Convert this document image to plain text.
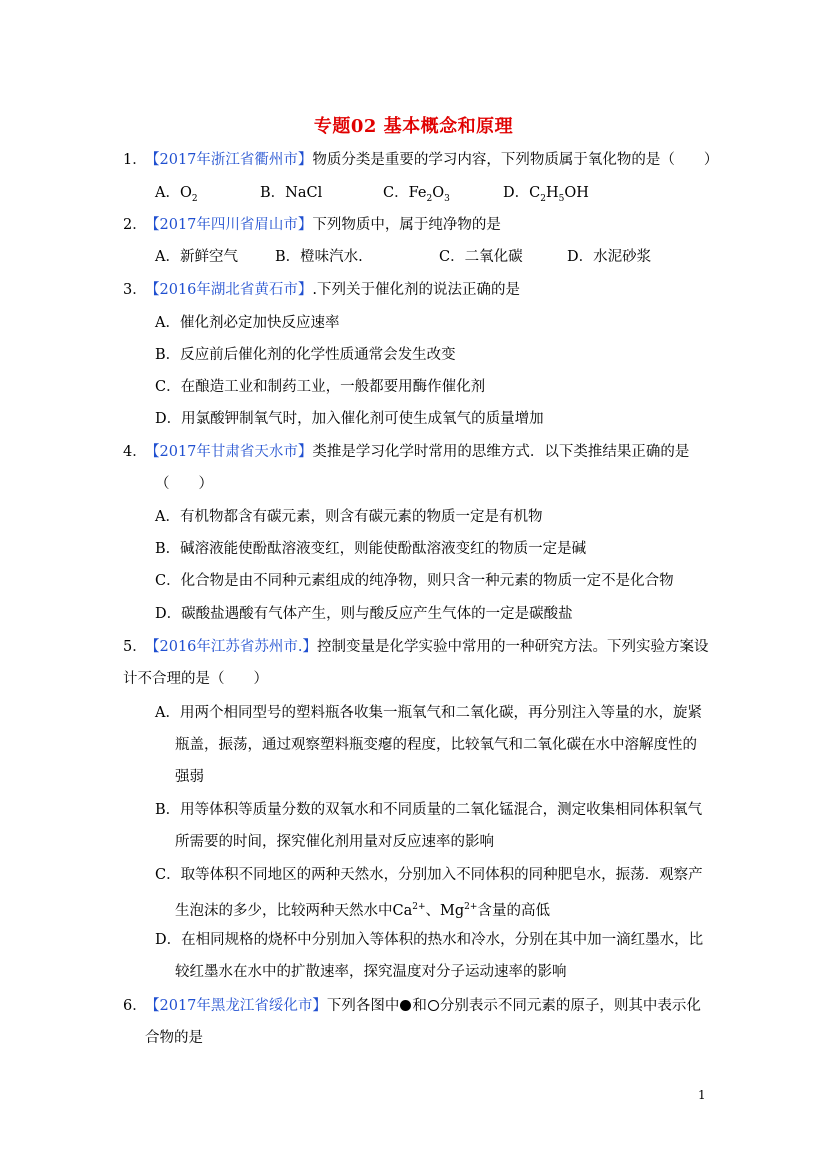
专题02 基本概念和原理
1．【2017年浙江省衢州市】物质分类是重要的学习内容，下列物质属于氧化物的是（　　）
A．$O_2$	B．NaCl	C．$Fe_2O_3$	D．$C_2H_5OH$
2．【2017年四川省眉山市】下列物质中，属于纯净物的是
A．新鲜空气	B．橙味汽水.	C．二氧化碳	D．水泥砂浆
3．【2016年湖北省黄石市】.下列关于催化剂的说法正确的是
A．催化剂必定加快反应速率
B．反应前后催化剂的化学性质通常会发生改变
C．在酿造工业和制药工业，一般都要用酶作催化剂
D．用氯酸钾制氧气时，加入催化剂可使生成氧气的质量增加
4．【2017年甘肃省天水市】类推是学习化学时常用的思维方式．以下类推结果正确的是
（　　）
A．有机物都含有碳元素，则含有碳元素的物质一定是有机物
B．碱溶液能使酚酞溶液变红，则能使酚酞溶液变红的物质一定是碱
C．化合物是由不同种元素组成的纯净物，则只含一种元素的物质一定不是化合物
D．碳酸盐遇酸有气体产生，则与酸反应产生气体的一定是碳酸盐
5．【2016年江苏省苏州市.】控制变量是化学实验中常用的一种研究方法。下列实验方案设
计不合理的是（　　）
A．用两个相同型号的塑料瓶各收集一瓶氧气和二氧化碳，再分别注入等量的水，旋紧
瓶盖，振荡，通过观察塑料瓶变瘪的程度，比较氧气和二氧化碳在水中溶解度性的
强弱
B．用等体积等质量分数的双氧水和不同质量的二氧化锰混合，测定收集相同体积氧气
所需要的时间，探究催化剂用量对反应速率的影响
C．取等体积不同地区的两种天然水，分别加入不同体积的同种肥皂水，振荡．观察产
生泡沫的多少，比较两种天然水中$Ca^{2+}$、$Mg^{2+}$含量的高低
D．在相同规格的烧杯中分别加入等体积的热水和冷水，分别在其中加一滴红墨水，比
较红墨水在水中的扩散速率，探究温度对分子运动速率的影响
6．【2017年黑龙江省绥化市】下列各图中 和 分别表示不同元素的原子，则其中表示化
合物的是
1
